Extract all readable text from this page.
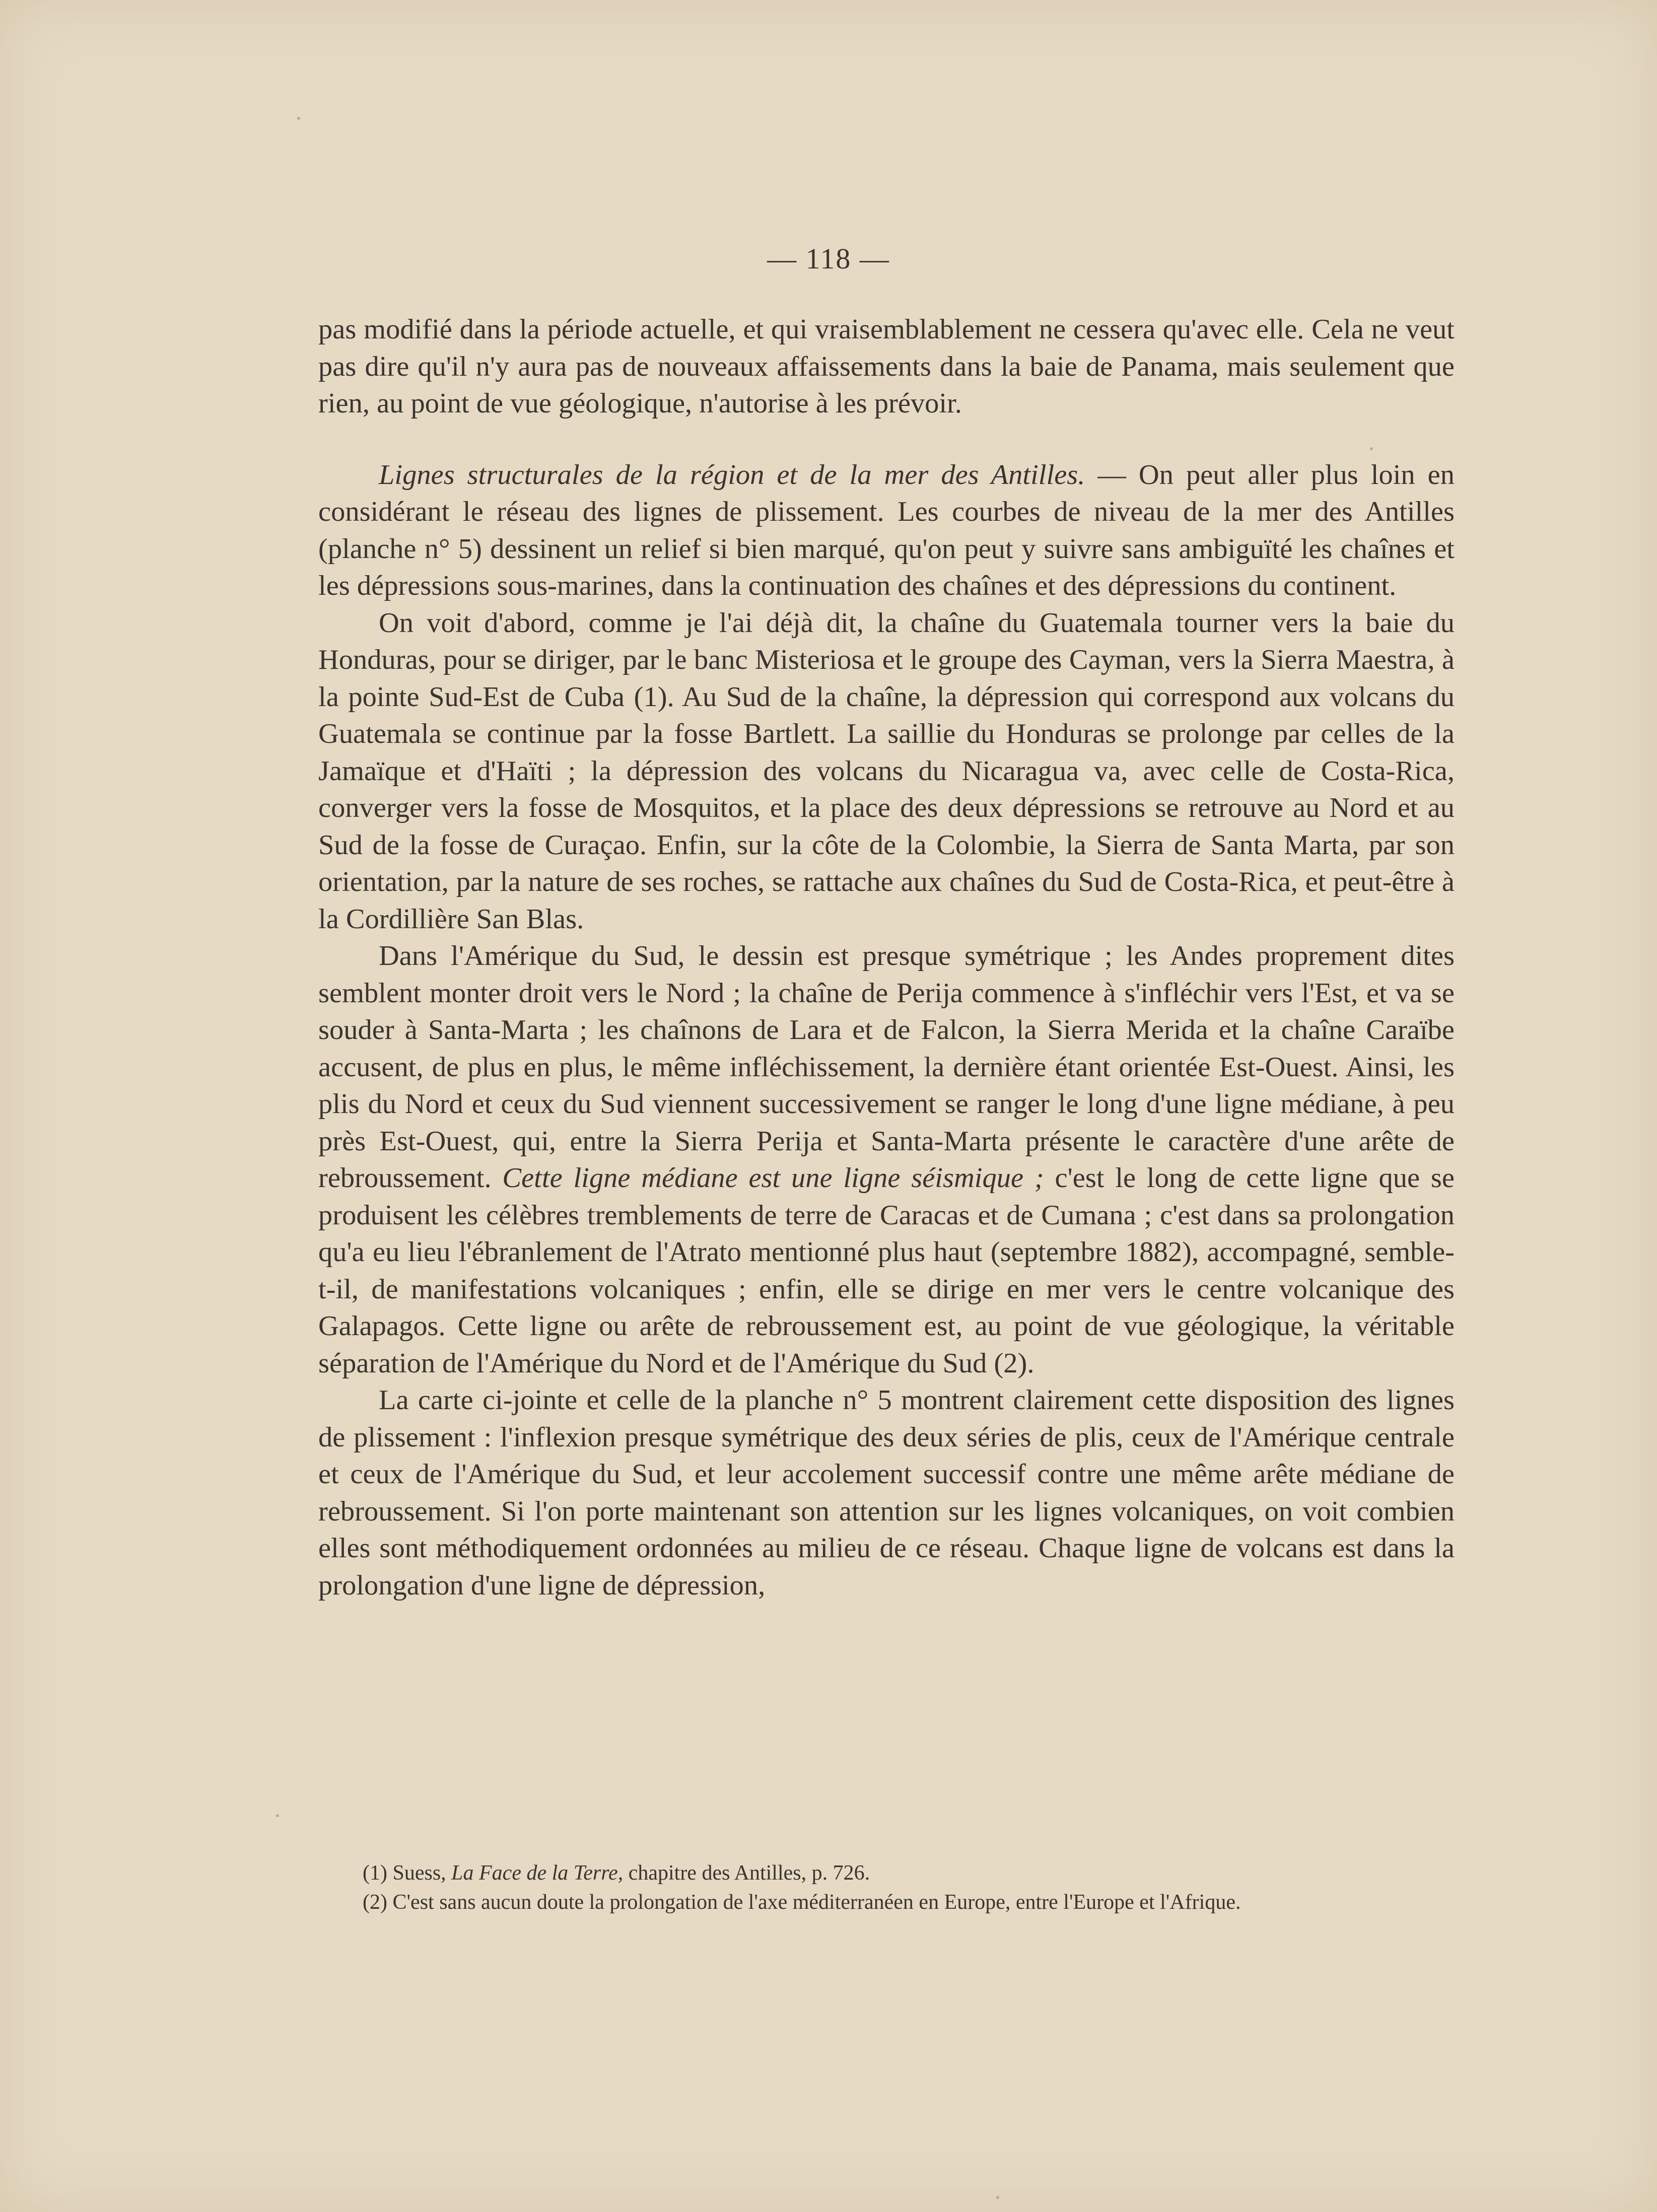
— 118 —

pas modifié dans la période actuelle, et qui vraisemblablement ne cessera qu'avec elle. Cela ne veut pas dire qu'il n'y aura pas de nouveaux affaissements dans la baie de Panama, mais seulement que rien, au point de vue géologique, n'autorise à les prévoir.

Lignes structurales de la région et de la mer des Antilles. — On peut aller plus loin en considérant le réseau des lignes de plissement. Les courbes de niveau de la mer des Antilles (planche n° 5) dessinent un relief si bien marqué, qu'on peut y suivre sans ambiguïté les chaînes et les dépressions sous-marines, dans la continuation des chaînes et des dépressions du continent.

On voit d'abord, comme je l'ai déjà dit, la chaîne du Guatemala tourner vers la baie du Honduras, pour se diriger, par le banc Misteriosa et le groupe des Cayman, vers la Sierra Maestra, à la pointe Sud-Est de Cuba (1). Au Sud de la chaîne, la dépression qui correspond aux volcans du Guatemala se continue par la fosse Bartlett. La saillie du Honduras se prolonge par celles de la Jamaïque et d'Haïti ; la dépression des volcans du Nicaragua va, avec celle de Costa-Rica, converger vers la fosse de Mosquitos, et la place des deux dépressions se retrouve au Nord et au Sud de la fosse de Curaçao. Enfin, sur la côte de la Colombie, la Sierra de Santa Marta, par son orientation, par la nature de ses roches, se rattache aux chaînes du Sud de Costa-Rica, et peut-être à la Cordillière San Blas.

Dans l'Amérique du Sud, le dessin est presque symétrique ; les Andes proprement dites semblent monter droit vers le Nord ; la chaîne de Perija commence à s'infléchir vers l'Est, et va se souder à Santa-Marta ; les chaînons de Lara et de Falcon, la Sierra Merida et la chaîne Caraïbe accusent, de plus en plus, le même infléchissement, la dernière étant orientée Est-Ouest. Ainsi, les plis du Nord et ceux du Sud viennent successivement se ranger le long d'une ligne médiane, à peu près Est-Ouest, qui, entre la Sierra Perija et Santa-Marta présente le caractère d'une arête de rebroussement. Cette ligne médiane est une ligne séismique ; c'est le long de cette ligne que se produisent les célèbres tremblements de terre de Caracas et de Cumana ; c'est dans sa prolongation qu'a eu lieu l'ébranlement de l'Atrato mentionné plus haut (septembre 1882), accompagné, semble-t-il, de manifestations volcaniques ; enfin, elle se dirige en mer vers le centre volcanique des Galapagos. Cette ligne ou arête de rebroussement est, au point de vue géologique, la véritable séparation de l'Amérique du Nord et de l'Amérique du Sud (2).

La carte ci-jointe et celle de la planche n° 5 montrent clairement cette disposition des lignes de plissement : l'inflexion presque symétrique des deux séries de plis, ceux de l'Amérique centrale et ceux de l'Amérique du Sud, et leur accolement successif contre une même arête médiane de rebroussement. Si l'on porte maintenant son attention sur les lignes volcaniques, on voit combien elles sont méthodiquement ordonnées au milieu de ce réseau. Chaque ligne de volcans est dans la prolongation d'une ligne de dépression,

(1) Suess, La Face de la Terre, chapitre des Antilles, p. 726.

(2) C'est sans aucun doute la prolongation de l'axe méditerranéen en Europe, entre l'Europe et l'Afrique.
